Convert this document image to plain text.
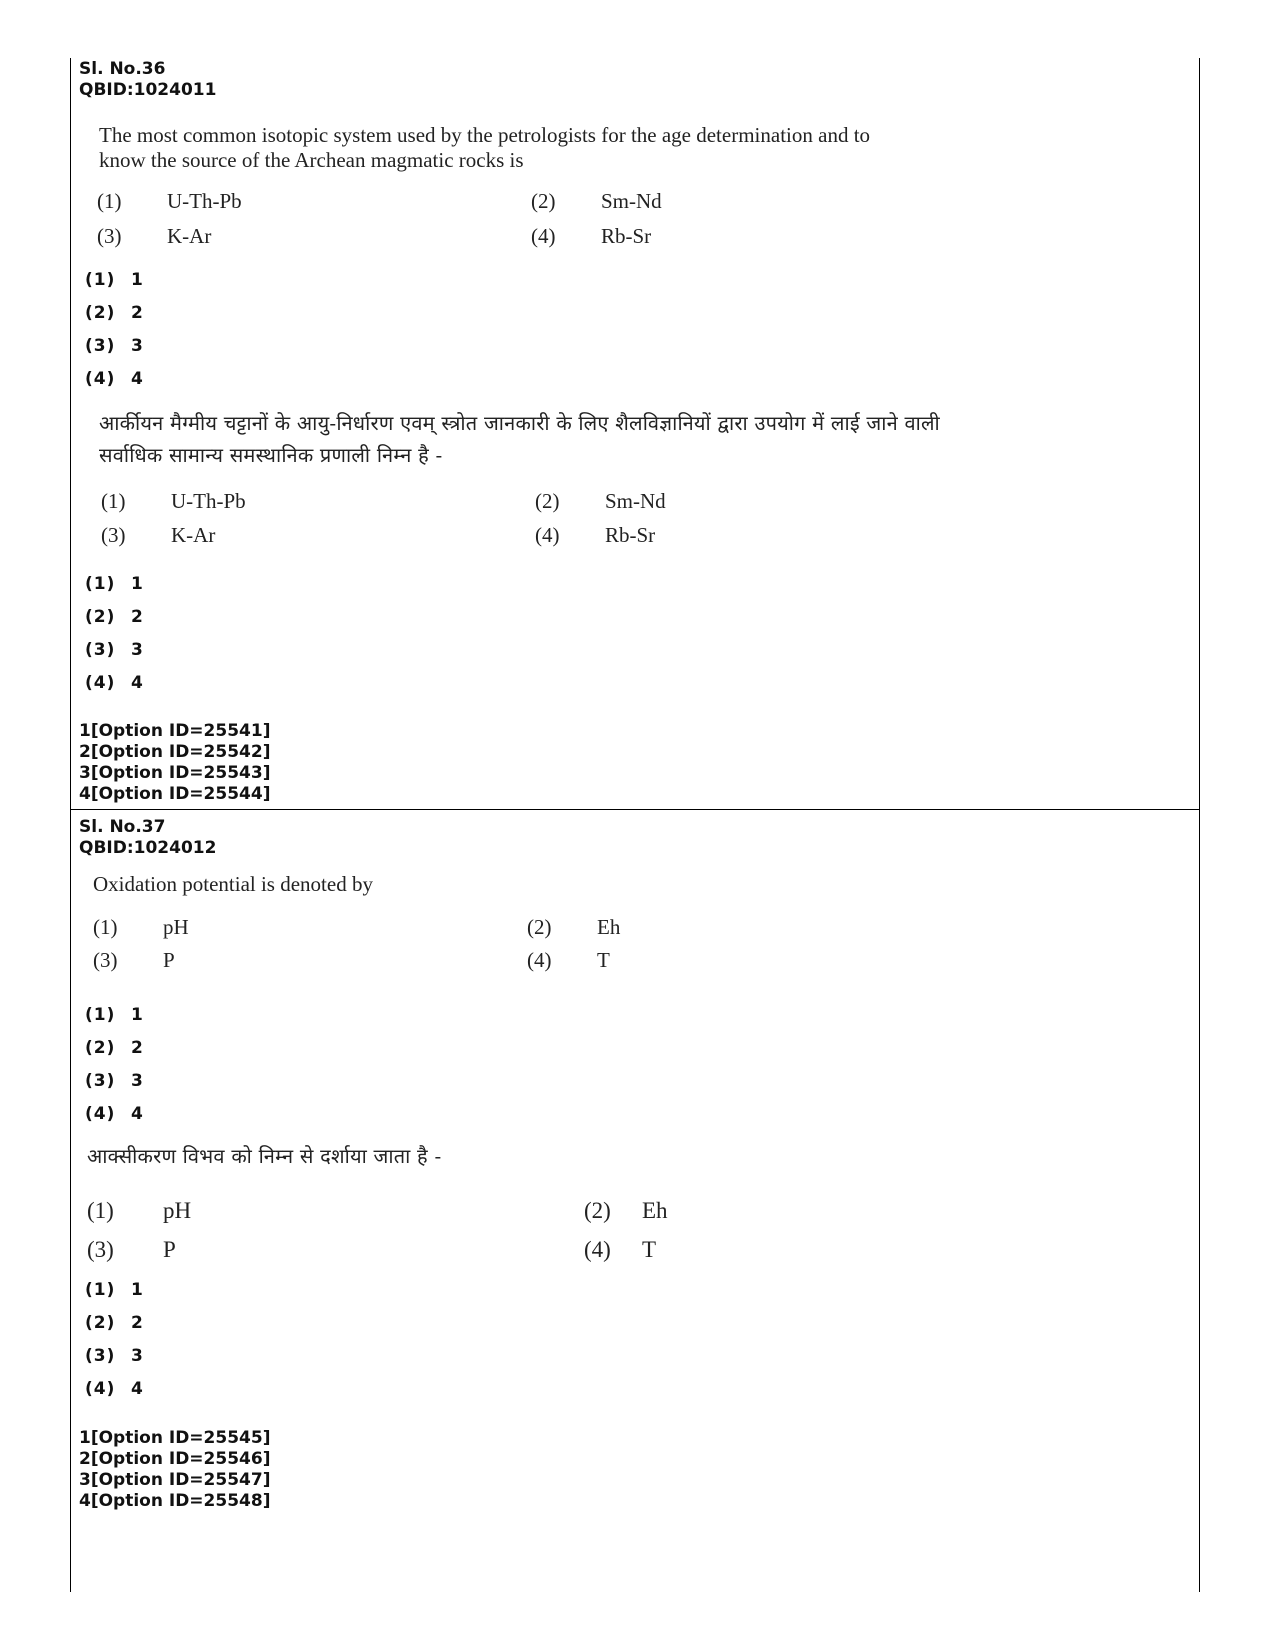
Sl. No.36
QBID:1024011
The most common isotopic system used by the petrologists for the age determination and to
know the source of the Archean magmatic rocks is
(1) U-Th-Pb	(2) Sm-Nd
(3) K-Ar	(4) Rb-Sr
(1) 1
(2) 2
(3) 3
(4) 4
आर्कीयन मैग्मीय चट्टानों के आयु-निर्धारण एवम् स्त्रोत जानकारी के लिए शैलविज्ञानियों द्वारा उपयोग में लाई जाने वाली
सर्वाधिक सामान्य समस्थानिक प्रणाली निम्न है -
(1) U-Th-Pb	(2) Sm-Nd
(3) K-Ar	(4) Rb-Sr
(1) 1
(2) 2
(3) 3
(4) 4
1[Option ID=25541]
2[Option ID=25542]
3[Option ID=25543]
4[Option ID=25544]
Sl. No.37
QBID:1024012
Oxidation potential is denoted by
(1) pH	(2) Eh
(3) P	(4) T
(1) 1
(2) 2
(3) 3
(4) 4
आक्सीकरण विभव को निम्न से दर्शाया जाता है -
(1) pH	(2) Eh
(3) P	(4) T
(1) 1
(2) 2
(3) 3
(4) 4
1[Option ID=25545]
2[Option ID=25546]
3[Option ID=25547]
4[Option ID=25548]
